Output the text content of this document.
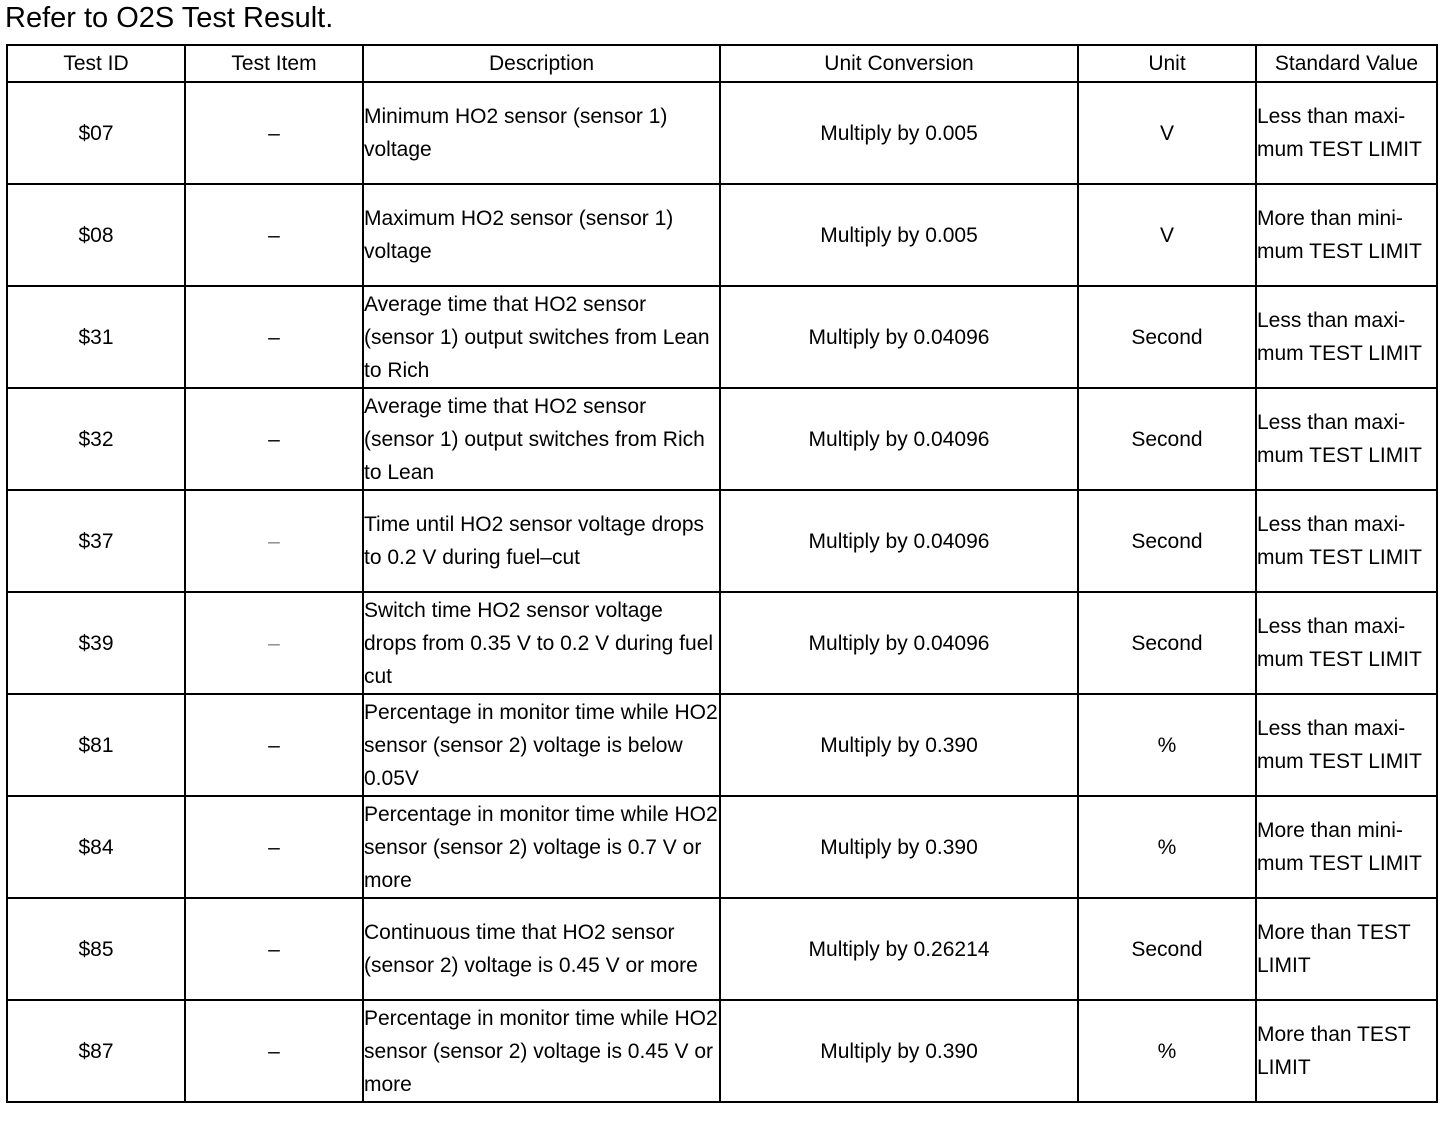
Refer to O2S Test Result.
Test ID	Test Item	Description	Unit Conversion	Unit	Standard Value
$07	–	Minimum HO2 sensor (sensor 1) voltage	Multiply by 0.005	V	Less than maxi-mum TEST LIMIT
$08	–	Maximum HO2 sensor (sensor 1) voltage	Multiply by 0.005	V	More than mini-mum TEST LIMIT
$31	–	Average time that HO2 sensor (sensor 1) output switches from Lean to Rich	Multiply by 0.04096	Second	Less than maxi-mum TEST LIMIT
$32	–	Average time that HO2 sensor (sensor 1) output switches from Rich to Lean	Multiply by 0.04096	Second	Less than maxi-mum TEST LIMIT
$37	–	Time until HO2 sensor voltage drops to 0.2 V during fuel–cut	Multiply by 0.04096	Second	Less than maxi-mum TEST LIMIT
$39	–	Switch time HO2 sensor voltage drops from 0.35 V to 0.2 V during fuel cut	Multiply by 0.04096	Second	Less than maxi-mum TEST LIMIT
$81	–	Percentage in monitor time while HO2 sensor (sensor 2) voltage is below 0.05V	Multiply by 0.390	%	Less than maxi-mum TEST LIMIT
$84	–	Percentage in monitor time while HO2 sensor (sensor 2) voltage is 0.7 V or more	Multiply by 0.390	%	More than mini-mum TEST LIMIT
$85	–	Continuous time that HO2 sensor (sensor 2) voltage is 0.45 V or more	Multiply by 0.26214	Second	More than TEST LIMIT
$87	–	Percentage in monitor time while HO2 sensor (sensor 2) voltage is 0.45 V or more	Multiply by 0.390	%	More than TEST LIMIT
